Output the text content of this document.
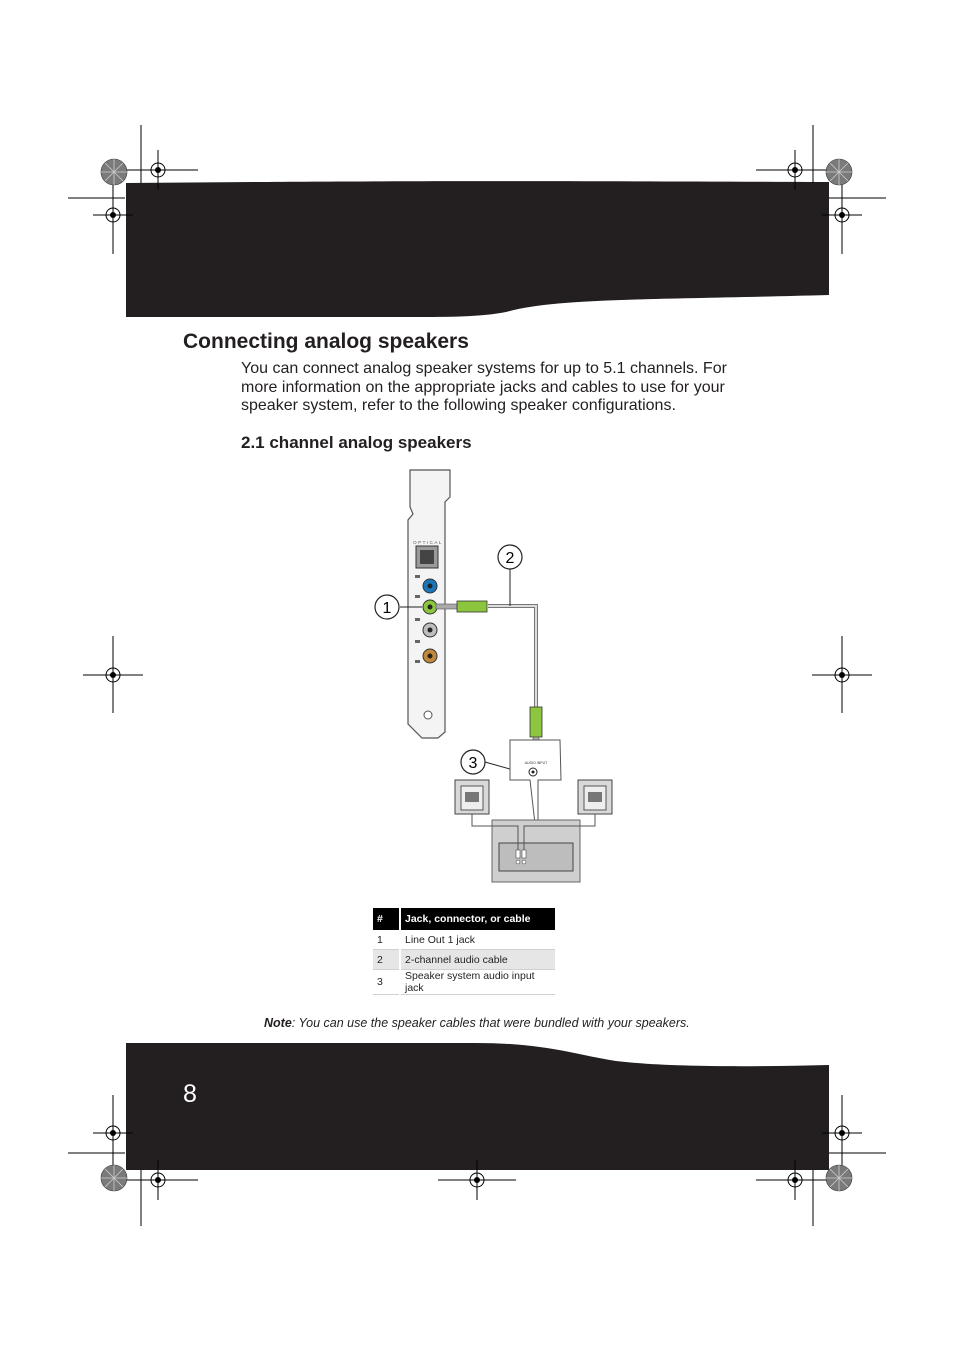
Connecting analog speakers

You can connect analog speaker systems for up to 5.1 channels. For more information on the appropriate jacks and cables to use for your speaker system, refer to the following speaker configurations.

2.1 channel analog speakers
OPTICAL
1
2
3	AUDIO INPUT
#	Jack, connector, or cable
1	Line Out 1 jack
2	2-channel audio cable
3	Speaker system audio input jack

Note: You can use the speaker cables that were bundled with your speakers.

8
